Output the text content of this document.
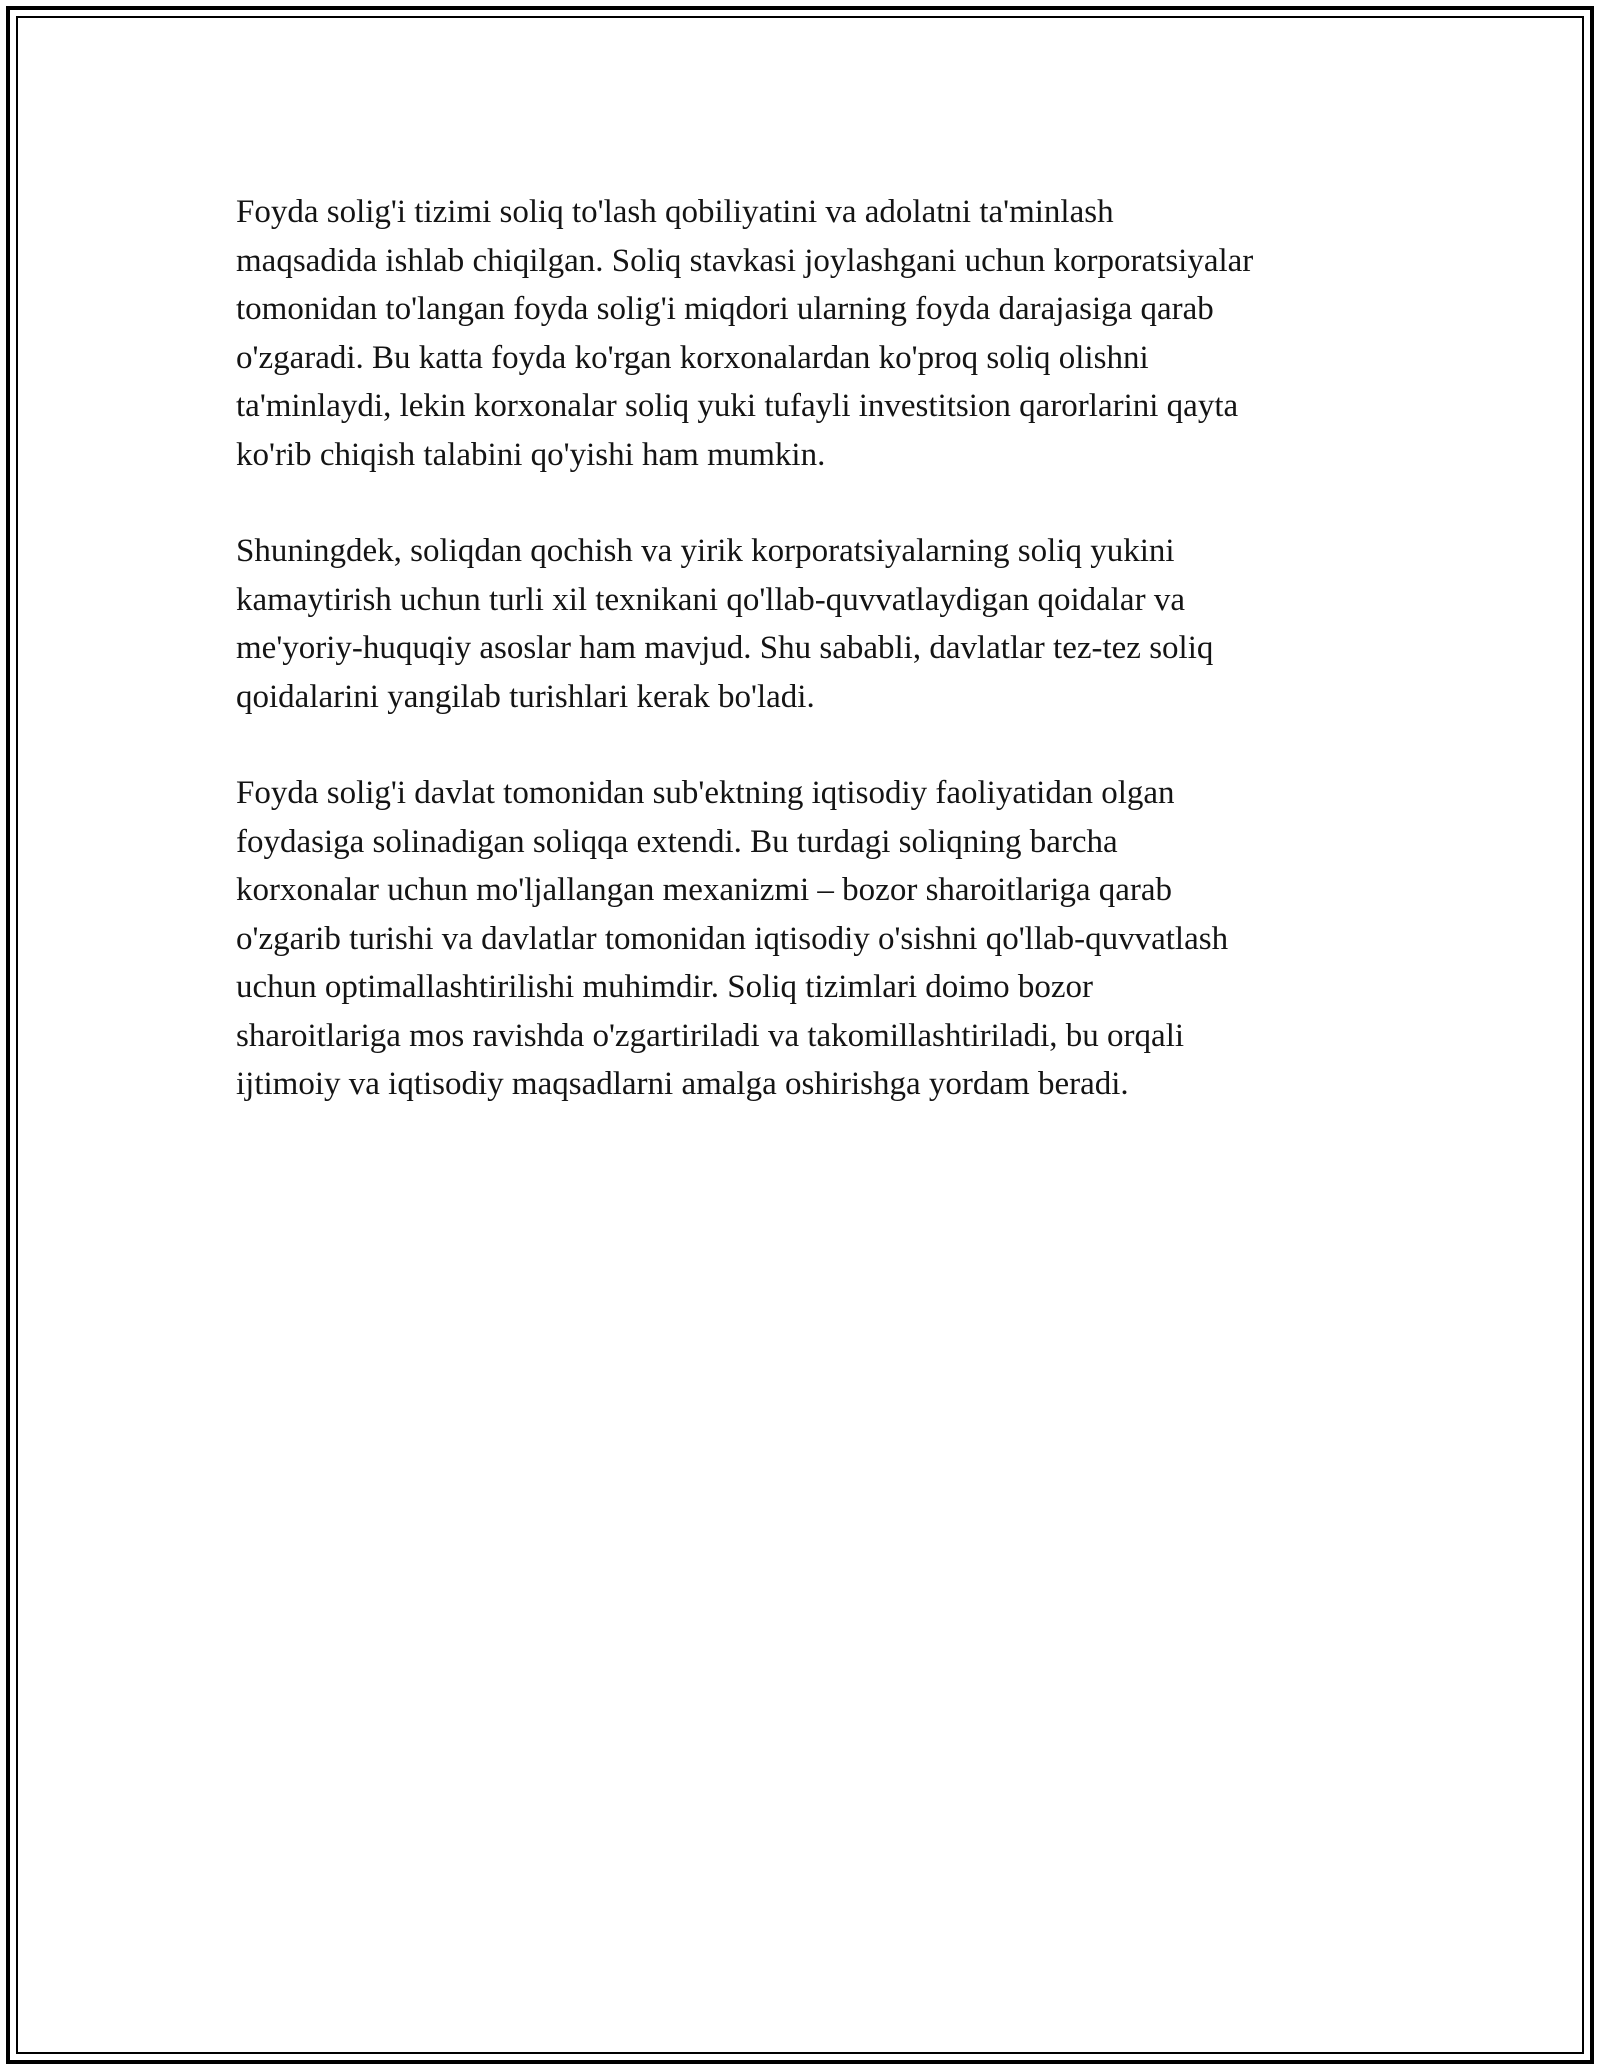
Foyda solig'i tizimi soliq to'lash qobiliyatini va adolatni ta'minlash
maqsadida ishlab chiqilgan. Soliq stavkasi joylashgani uchun korporatsiyalar
tomonidan to'langan foyda solig'i miqdori ularning foyda darajasiga qarab
o'zgaradi. Bu katta foyda ko'rgan korxonalardan ko'proq soliq olishni
ta'minlaydi, lekin korxonalar soliq yuki tufayli investitsion qarorlarini qayta
ko'rib chiqish talabini qo'yishi ham mumkin.

Shuningdek, soliqdan qochish va yirik korporatsiyalarning soliq yukini
kamaytirish uchun turli xil texnikani qo'llab-quvvatlaydigan qoidalar va
me'yoriy-huquqiy asoslar ham mavjud. Shu sababli, davlatlar tez-tez soliq
qoidalarini yangilab turishlari kerak bo'ladi.

Foyda solig'i davlat tomonidan sub'ektning iqtisodiy faoliyatidan olgan
foydasiga solinadigan soliqqa extendi. Bu turdagi soliqning barcha
korxonalar uchun mo'ljallangan mexanizmi – bozor sharoitlariga qarab
o'zgarib turishi va davlatlar tomonidan iqtisodiy o'sishni qo'llab-quvvatlash
uchun optimallashtirilishi muhimdir. Soliq tizimlari doimo bozor
sharoitlariga mos ravishda o'zgartiriladi va takomillashtiriladi, bu orqali
ijtimoiy va iqtisodiy maqsadlarni amalga oshirishga yordam beradi.
